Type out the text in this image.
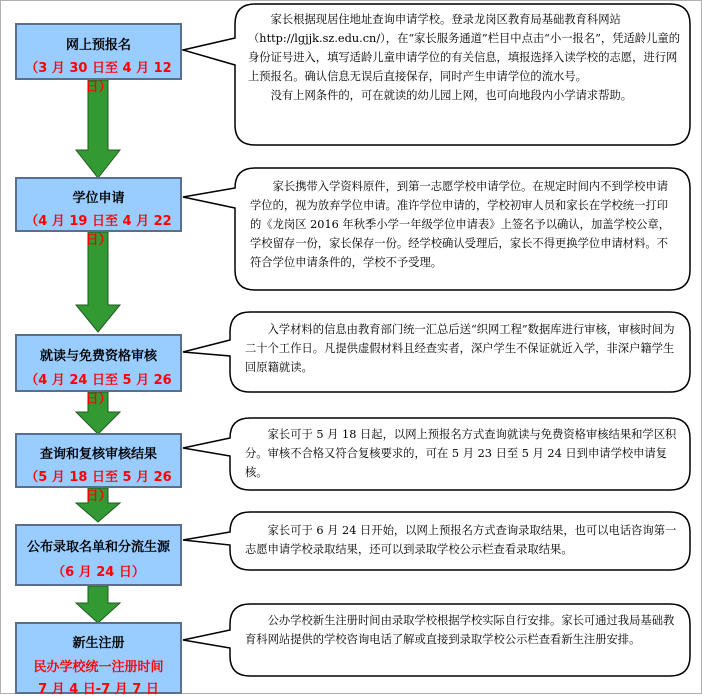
网上预报名
（3 月 30 日至 4 月 12 日）
学位申请
（4 月 19 日至 4 月 22 日）
就读与免费资格审核
（4 月 24 日至 5 月 26 日）
查询和复核审核结果
（5 月 18 日至 5 月 26 日）
公布录取名单和分流生源
（6 月 24 日）
新生注册
民办学校统一注册时间
7 月 4 日-7 月 7 日

家长根据现居住地址查询申请学校。登录龙岗区教育局基础教育科网站（http://lgjjk.sz.edu.cn/），在“家长服务通道”栏目中点击“小一报名”，凭适龄儿童的身份证号进入，填写适龄儿童申请学位的有关信息，填报选择入读学校的志愿，进行网上预报名。确认信息无误后直接保存，同时产生申请学位的流水号。

没有上网条件的，可在就读的幼儿园上网，也可向地段内小学请求帮助。

家长携带入学资料原件，到第一志愿学校申请学位。在规定时间内不到学校申请学位的，视为放弃学位申请。准许学位申请的，学校初审人员和家长在学校统一打印的《龙岗区 2016 年秋季小学一年级学位申请表》上签名予以确认，加盖学校公章，学校留存一份，家长保存一份。经学校确认受理后，家长不得更换学位申请材料。不符合学位申请条件的，学校不予受理。

入学材料的信息由教育部门统一汇总后送“织网工程”数据库进行审核，审核时间为二十个工作日。凡提供虚假材料且经查实者，深户学生不保证就近入学，非深户籍学生回原籍就读。

家长可于 5 月 18 日起，以网上预报名方式查询就读与免费资格审核结果和学区积分。审核不合格又符合复核要求的，可在 5 月 23 日至 5 月 24 日到申请学校申请复核。

家长可于 6 月 24 日开始，以网上预报名方式查询录取结果，也可以电话咨询第一志愿申请学校录取结果，还可以到录取学校公示栏查看录取结果。

公办学校新生注册时间由录取学校根据学校实际自行安排。家长可通过我局基础教育科网站提供的学校咨询电话了解或直接到录取学校公示栏查看新生注册安排。
